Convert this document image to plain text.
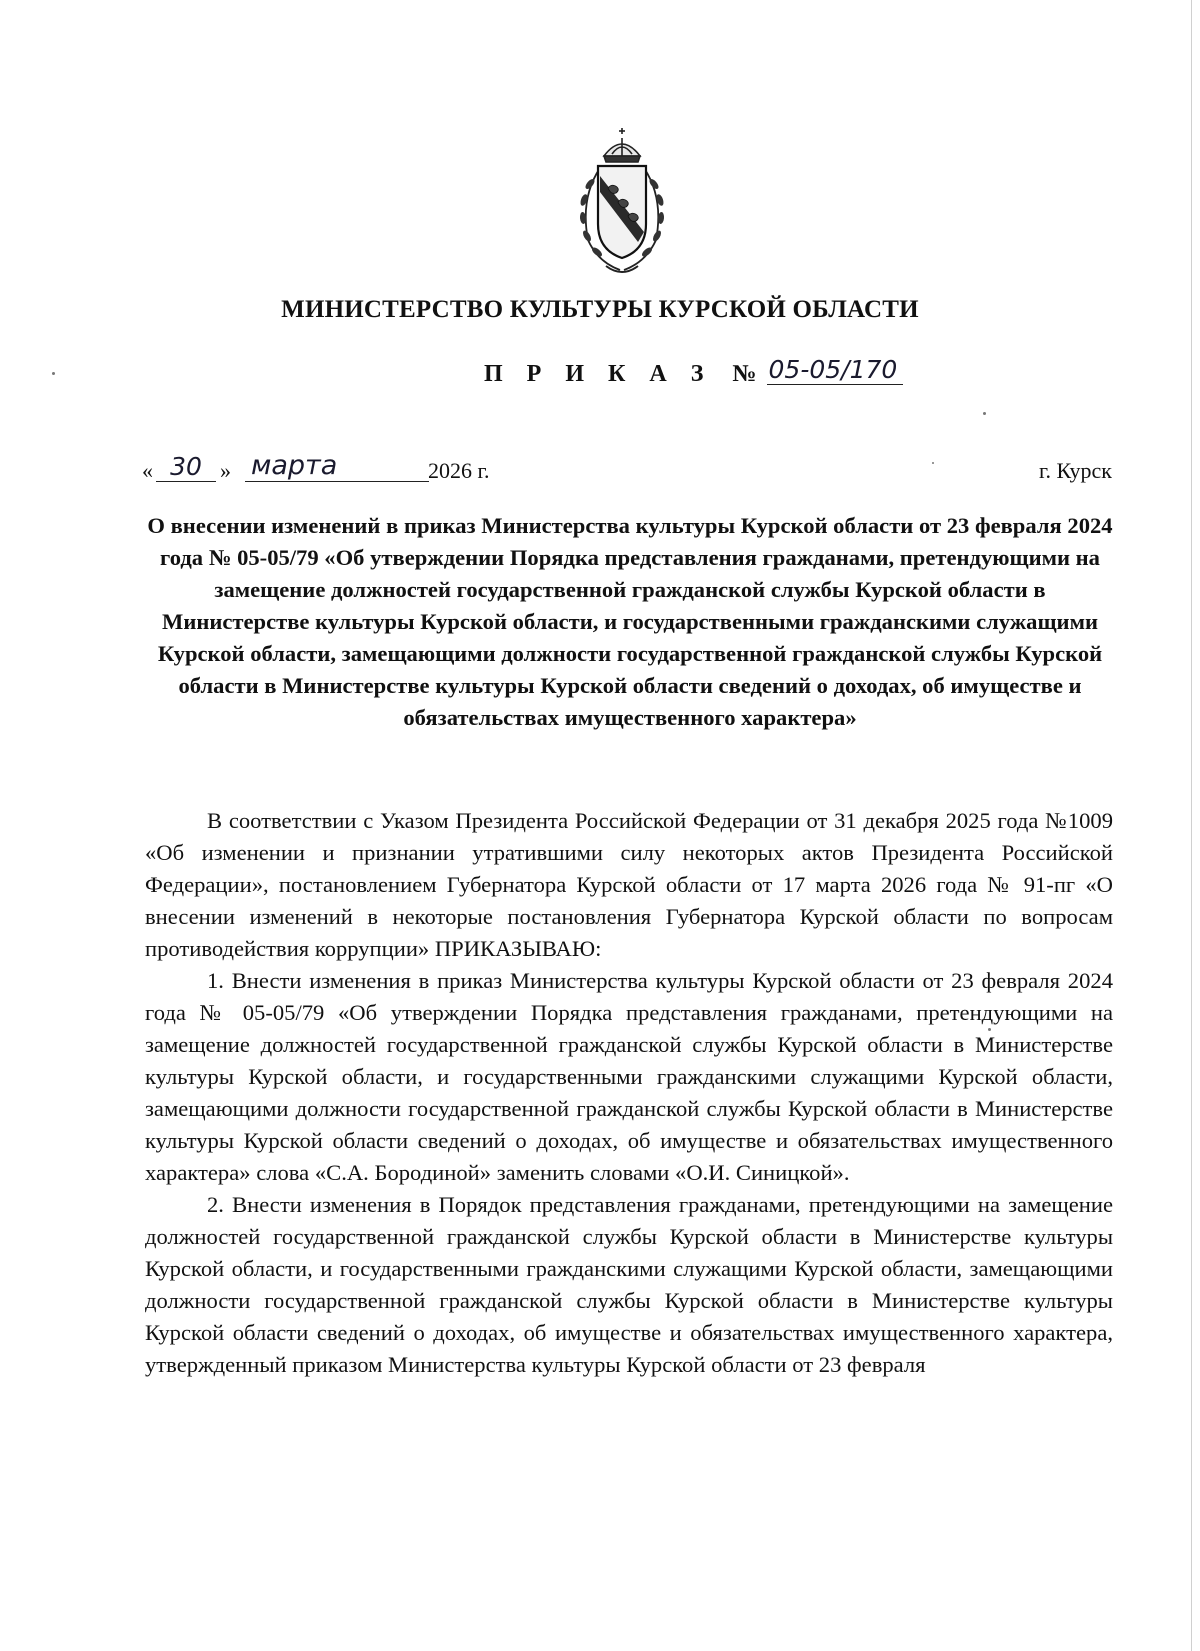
МИНИСТЕРСТВО КУЛЬТУРЫ КУРСКОЙ ОБЛАСТИ
П Р И К А З № 05-05/170
« 30 » марта	2026 г.	г. Курск
О внесении изменений в приказ Министерства культуры Курской области от 23 февраля 2024 года № 05-05/79 «Об утверждении Порядка представления гражданами, претендующими на замещение должностей государственной гражданской службы Курской области в Министерстве культуры Курской области, и государственными гражданскими служащими Курской области, замещающими должности государственной гражданской службы Курской области в Министерстве культуры Курской области сведений о доходах, об имуществе и обязательствах имущественного характера»

В соответствии с Указом Президента Российской Федерации от 31 декабря 2025 года №1009 «Об изменении и признании утратившими силу некоторых актов Президента Российской Федерации», постановлением Губернатора Курской области от 17 марта 2026 года № 91-пг «О внесении изменений в некоторые постановления Губернатора Курской области по вопросам противодействия коррупции» ПРИКАЗЫВАЮ:

1. Внести изменения в приказ Министерства культуры Курской области от 23 февраля 2024 года № 05-05/79 «Об утверждении Порядка представления гражданами, претендующими на замещение должностей государственной гражданской службы Курской области в Министерстве культуры Курской области, и государственными гражданскими служащими Курской области, замещающими должности государственной гражданской службы Курской области в Министерстве культуры Курской области сведений о доходах, об имуществе и обязательствах имущественного характера» слова «С.А. Бородиной» заменить словами «О.И. Синицкой».

2. Внести изменения в Порядок представления гражданами, претендующими на замещение должностей государственной гражданской службы Курской области в Министерстве культуры Курской области, и государственными гражданскими служащими Курской области, замещающими должности государственной гражданской службы Курской области в Министерстве культуры Курской области сведений о доходах, об имуществе и обязательствах имущественного характера, утвержденный приказом Министерства культуры Курской области от 23 февраля
